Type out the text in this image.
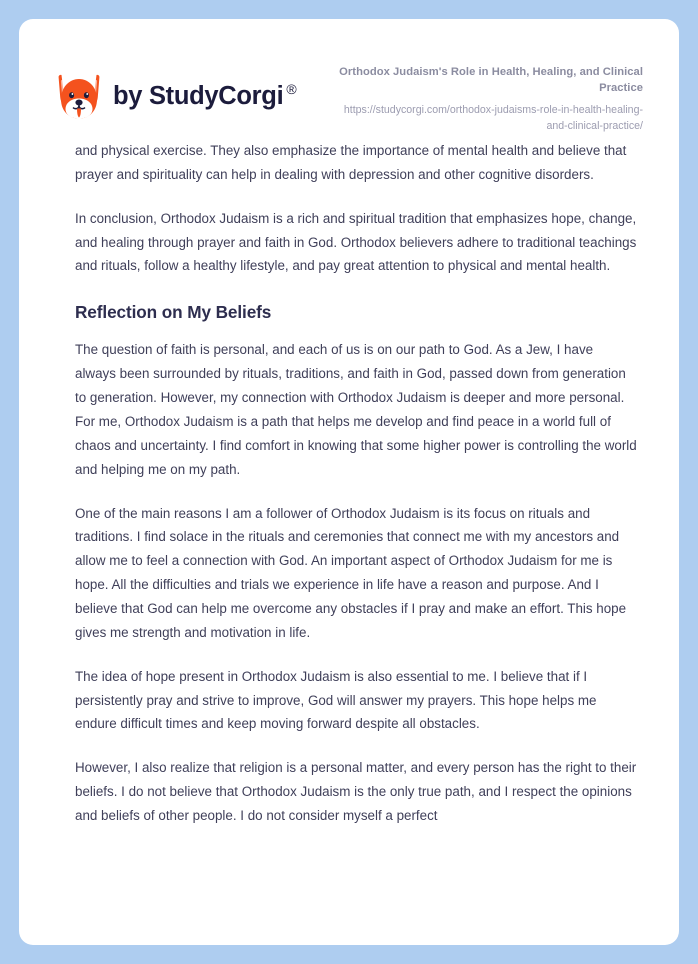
by StudyCorgi ®
Orthodox Judaism's Role in Health, Healing, and Clinical Practice
https://studycorgi.com/orthodox-judaisms-role-in-health-healing-and-clinical-practice/

and physical exercise. They also emphasize the importance of mental health and believe that prayer and spirituality can help in dealing with depression and other cognitive disorders.

In conclusion, Orthodox Judaism is a rich and spiritual tradition that emphasizes hope, change, and healing through prayer and faith in God. Orthodox believers adhere to traditional teachings and rituals, follow a healthy lifestyle, and pay great attention to physical and mental health.

Reflection on My Beliefs

The question of faith is personal, and each of us is on our path to God. As a Jew, I have always been surrounded by rituals, traditions, and faith in God, passed down from generation to generation. However, my connection with Orthodox Judaism is deeper and more personal. For me, Orthodox Judaism is a path that helps me develop and find peace in a world full of chaos and uncertainty. I find comfort in knowing that some higher power is controlling the world and helping me on my path.

One of the main reasons I am a follower of Orthodox Judaism is its focus on rituals and traditions. I find solace in the rituals and ceremonies that connect me with my ancestors and allow me to feel a connection with God. An important aspect of Orthodox Judaism for me is hope. All the difficulties and trials we experience in life have a reason and purpose. And I believe that God can help me overcome any obstacles if I pray and make an effort. This hope gives me strength and motivation in life.

The idea of hope present in Orthodox Judaism is also essential to me. I believe that if I persistently pray and strive to improve, God will answer my prayers. This hope helps me endure difficult times and keep moving forward despite all obstacles.

However, I also realize that religion is a personal matter, and every person has the right to their beliefs. I do not believe that Orthodox Judaism is the only true path, and I respect the opinions and beliefs of other people. I do not consider myself a perfect
